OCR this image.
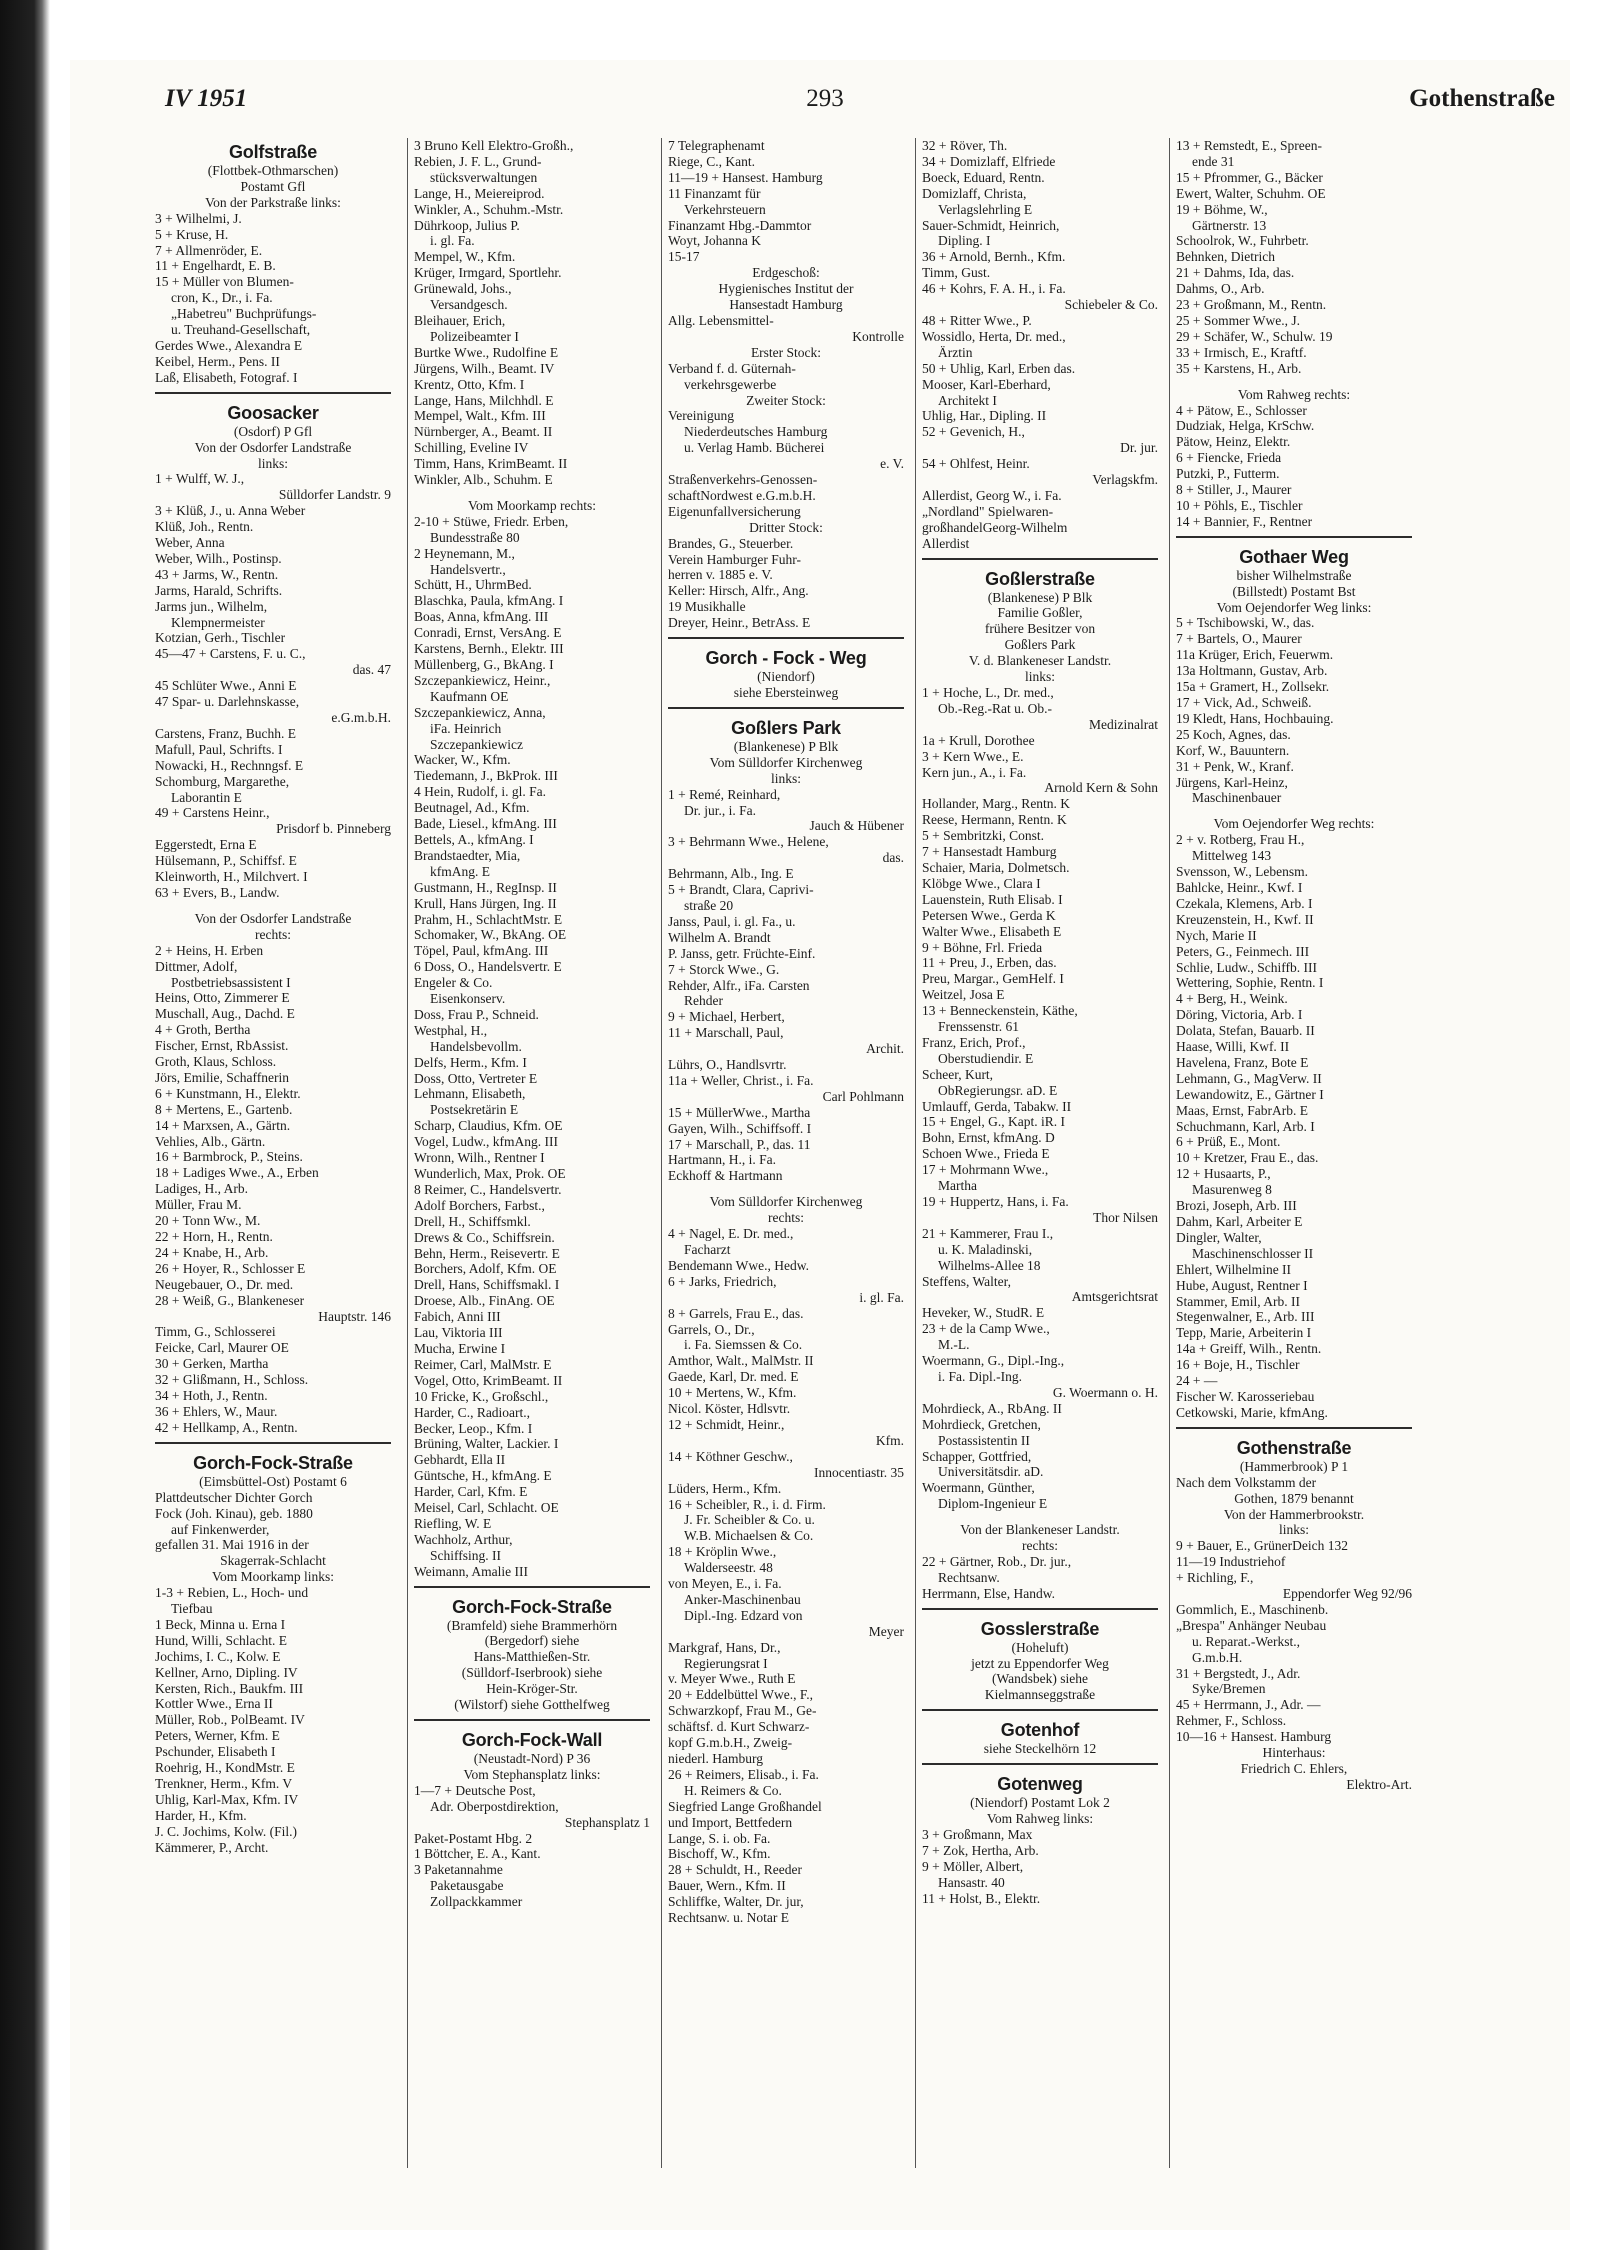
IV 1951	293	Gothenstraße
Golfstraße
(Flottbek-Othmarschen)
Postamt Gfl
Von der Parkstraße links:
3 + Wilhelmi, J.
5 + Kruse, H.
7 + Allmenröder, E.
11 + Engelhardt, E. B.
15 + Müller von Blumen-
cron, K., Dr., i. Fa.
„Habetreu" Buchprüfungs-
u. Treuhand-Gesellschaft,
Gerdes Wwe., Alexandra E
Keibel, Herm., Pens. II
Laß, Elisabeth, Fotograf. I
Goosacker
(Osdorf) P Gfl
Von der Osdorfer Landstraße
links:
1 + Wulff, W. J.,
Sülldorfer Landstr. 9
3 + Klüß, J., u. Anna Weber
Klüß, Joh., Rentn.
Weber, Anna
Weber, Wilh., Postinsp.
43 + Jarms, W., Rentn.
Jarms, Harald, Schrifts.
Jarms jun., Wilhelm,
Klempnermeister
Kotzian, Gerh., Tischler
45—47 + Carstens, F. u. C.,
das. 47
45 Schlüter Wwe., Anni E
47 Spar- u. Darlehnskasse,
e.G.m.b.H.
Carstens, Franz, Buchh. E
Mafull, Paul, Schrifts. I
Nowacki, H., Rechnngsf. E
Schomburg, Margarethe,
Laborantin E
49 + Carstens Heinr.,
Prisdorf b. Pinneberg
Eggerstedt, Erna E
Hülsemann, P., Schiffsf. E
Kleinworth, H., Milchvert. I
63 + Evers, B., Landw.
Von der Osdorfer Landstraße
rechts:
2 + Heins, H. Erben
Dittmer, Adolf,
Postbetriebsassistent I
Heins, Otto, Zimmerer E
Muschall, Aug., Dachd. E
4 + Groth, Bertha
Fischer, Ernst, RbAssist.
Groth, Klaus, Schloss.
Jörs, Emilie, Schaffnerin
6 + Kunstmann, H., Elektr.
8 + Mertens, E., Gartenb.
14 + Marxsen, A., Gärtn.
Vehlies, Alb., Gärtn.
16 + Barmbrock, P., Steins.
18 + Ladiges Wwe., A., Erben
Ladiges, H., Arb.
Müller, Frau M.
20 + Tonn Ww., M.
22 + Horn, H., Rentn.
24 + Knabe, H., Arb.
26 + Hoyer, R., Schlosser E
Neugebauer, O., Dr. med.
28 + Weiß, G., Blankeneser
Hauptstr. 146
Timm, G., Schlosserei
Feicke, Carl, Maurer OE
30 + Gerken, Martha
32 + Glißmann, H., Schloss.
34 + Hoth, J., Rentn.
36 + Ehlers, W., Maur.
42 + Hellkamp, A., Rentn.
Gorch-Fock-Straße
(Eimsbüttel-Ost) Postamt 6
Plattdeutscher Dichter Gorch
Fock (Joh. Kinau), geb. 1880
auf Finkenwerder,
gefallen 31. Mai 1916 in der
Skagerrak-Schlacht
Vom Moorkamp links:
1-3 + Rebien, L., Hoch- und
Tiefbau
1 Beck, Minna u. Erna I
Hund, Willi, Schlacht. E
Jochims, I. C., Kolw. E
Kellner, Arno, Dipling. IV
Kersten, Rich., Baukfm. III
Kottler Wwe., Erna II
Müller, Rob., PolBeamt. IV
Peters, Werner, Kfm. E
Pschunder, Elisabeth I
Roehrig, H., KondMstr. E
Trenkner, Herm., Kfm. V
Uhlig, Karl-Max, Kfm. IV
Harder, H., Kfm.
J. C. Jochims, Kolw. (Fil.)
Kämmerer, P., Archt.
3 Bruno Kell Elektro-Großh.,
Rebien, J. F. L., Grund-
stücksverwaltungen
Lange, H., Meiereiprod.
Winkler, A., Schuhm.-Mstr.
Dührkoop, Julius P.
i. gl. Fa.
Mempel, W., Kfm.
Krüger, Irmgard, Sportlehr.
Grünewald, Johs.,
Versandgesch.
Bleihauer, Erich,
Polizeibeamter I
Burtke Wwe., Rudolfine E
Jürgens, Wilh., Beamt. IV
Krentz, Otto, Kfm. I
Lange, Hans, Milchhdl. E
Mempel, Walt., Kfm. III
Nürnberger, A., Beamt. II
Schilling, Eveline IV
Timm, Hans, KrimBeamt. II
Winkler, Alb., Schuhm. E
Vom Moorkamp rechts:
2-10 + Stüwe, Friedr. Erben,
Bundesstraße 80
2 Heynemann, M.,
Handelsvertr.,
Schütt, H., UhrmBed.
Blaschka, Paula, kfmAng. I
Boas, Anna, kfmAng. III
Conradi, Ernst, VersAng. E
Karstens, Bernh., Elektr. III
Müllenberg, G., BkAng. I
Szczepankiewicz, Heinr.,
Kaufmann OE
Szczepankiewicz, Anna,
iFa. Heinrich
Szczepankiewicz
Wacker, W., Kfm.
Tiedemann, J., BkProk. III
4 Hein, Rudolf, i. gl. Fa.
Beutnagel, Ad., Kfm.
Bade, Liesel., kfmAng. III
Bettels, A., kfmAng. I
Brandstaedter, Mia,
kfmAng. E
Gustmann, H., RegInsp. II
Krull, Hans Jürgen, Ing. II
Prahm, H., SchlachtMstr. E
Schomaker, W., BkAng. OE
Töpel, Paul, kfmAng. III
6 Doss, O., Handelsvertr. E
Engeler & Co.
Eisenkonserv.
Doss, Frau P., Schneid.
Westphal, H.,
Handelsbevollm.
Delfs, Herm., Kfm. I
Doss, Otto, Vertreter E
Lehmann, Elisabeth,
Postsekretärin E
Scharp, Claudius, Kfm. OE
Vogel, Ludw., kfmAng. III
Wronn, Wilh., Rentner I
Wunderlich, Max, Prok. OE
8 Reimer, C., Handelsvertr.
Adolf Borchers, Farbst.,
Drell, H., Schiffsmkl.
Drews & Co., Schiffsrein.
Behn, Herm., Reisevertr. E
Borchers, Adolf, Kfm. OE
Drell, Hans, Schiffsmakl. I
Droese, Alb., FinAng. OE
Fabich, Anni III
Lau, Viktoria III
Mucha, Erwine I
Reimer, Carl, MalMstr. E
Vogel, Otto, KrimBeamt. II
10 Fricke, K., Großschl.,
Harder, C., Radioart.,
Becker, Leop., Kfm. I
Brüning, Walter, Lackier. I
Gebhardt, Ella II
Güntsche, H., kfmAng. E
Harder, Carl, Kfm. E
Meisel, Carl, Schlacht. OE
Riefling, W. E
Wachholz, Arthur,
Schiffsing. II
Weimann, Amalie III
Gorch-Fock-Straße
(Bramfeld) siehe Brammerhörn
(Bergedorf) siehe
Hans-Matthießen-Str.
(Sülldorf-Iserbrook) siehe
Hein-Kröger-Str.
(Wilstorf) siehe Gotthelfweg
Gorch-Fock-Wall
(Neustadt-Nord) P 36
Vom Stephansplatz links:
1—7 + Deutsche Post,
Adr. Oberpostdirektion,
Stephansplatz 1
Paket-Postamt Hbg. 2
1 Böttcher, E. A., Kant.
3 Paketannahme
Paketausgabe
Zollpackkammer
7 Telegraphenamt
Riege, C., Kant.
11—19 + Hansest. Hamburg
11 Finanzamt für
Verkehrsteuern
Finanzamt Hbg.-Dammtor
Woyt, Johanna K
15-17
Erdgeschoß:
Hygienisches Institut der
Hansestadt Hamburg
Allg. Lebensmittel-
Kontrolle
Erster Stock:
Verband f. d. Güternah-
verkehrsgewerbe
Zweiter Stock:
Vereinigung
Niederdeutsches Hamburg
u. Verlag Hamb. Bücherei
e. V.
Straßenverkehrs-Genossen-
schaftNordwest e.G.m.b.H.
Eigenunfallversicherung
Dritter Stock:
Brandes, G., Steuerber.
Verein Hamburger Fuhr-
herren v. 1885 e. V.
Keller: Hirsch, Alfr., Ang.
19 Musikhalle
Dreyer, Heinr., BetrAss. E
Gorch - Fock - Weg
(Niendorf)
siehe Ebersteinweg
Goßlers Park
(Blankenese) P Blk
Vom Sülldorfer Kirchenweg
links:
1 + Remé, Reinhard,
Dr. jur., i. Fa.
Jauch & Hübener
3 + Behrmann Wwe., Helene,
das.
Behrmann, Alb., Ing. E
5 + Brandt, Clara, Caprivi-
straße 20
Janss, Paul, i. gl. Fa., u.
Wilhelm A. Brandt
P. Janss, getr. Früchte-Einf.
7 + Storck Wwe., G.
Rehder, Alfr., iFa. Carsten
Rehder
9 + Michael, Herbert,
11 + Marschall, Paul,
Archit.
Lührs, O., Handlsvrtr.
11a + Weller, Christ., i. Fa.
Carl Pohlmann
15 + MüllerWwe., Martha
Gayen, Wilh., Schiffsoff. I
17 + Marschall, P., das. 11
Hartmann, H., i. Fa.
Eckhoff & Hartmann
Vom Sülldorfer Kirchenweg
rechts:
4 + Nagel, E. Dr. med.,
Facharzt
Bendemann Wwe., Hedw.
6 + Jarks, Friedrich,
i. gl. Fa.
8 + Garrels, Frau E., das.
Garrels, O., Dr.,
i. Fa. Siemssen & Co.
Amthor, Walt., MalMstr. II
Gaede, Karl, Dr. med. E
10 + Mertens, W., Kfm.
Nicol. Köster, Hdlsvtr.
12 + Schmidt, Heinr.,
Kfm.
14 + Köthner Geschw.,
Innocentiastr. 35
Lüders, Herm., Kfm.
16 + Scheibler, R., i. d. Firm.
J. Fr. Scheibler & Co. u.
W.B. Michaelsen & Co.
18 + Kröplin Wwe.,
Walderseestr. 48
von Meyen, E., i. Fa.
Anker-Maschinenbau
Dipl.-Ing. Edzard von
Meyer
Markgraf, Hans, Dr.,
Regierungsrat I
v. Meyer Wwe., Ruth E
20 + Eddelbüttel Wwe., F.,
Schwarzkopf, Frau M., Ge-
schäftsf. d. Kurt Schwarz-
kopf G.m.b.H., Zweig-
niederl. Hamburg
26 + Reimers, Elisab., i. Fa.
H. Reimers & Co.
Siegfried Lange Großhandel
und Import, Bettfedern
Lange, S. i. ob. Fa.
Bischoff, W., Kfm.
28 + Schuldt, H., Reeder
Bauer, Wern., Kfm. II
Schliffke, Walter, Dr. jur,
Rechtsanw. u. Notar E
32 + Röver, Th.
34 + Domizlaff, Elfriede
Boeck, Eduard, Rentn.
Domizlaff, Christa,
Verlagslehrling E
Sauer-Schmidt, Heinrich,
Dipling. I
36 + Arnold, Bernh., Kfm.
Timm, Gust.
46 + Kohrs, F. A. H., i. Fa.
Schiebeler & Co.
48 + Ritter Wwe., P.
Wossidlo, Herta, Dr. med.,
Ärztin
50 + Uhlig, Karl, Erben das.
Mooser, Karl-Eberhard,
Architekt I
Uhlig, Har., Dipling. II
52 + Gevenich, H.,
Dr. jur.
54 + Ohlfest, Heinr.
Verlagskfm.
Allerdist, Georg W., i. Fa.
„Nordland" Spielwaren-
großhandelGeorg-Wilhelm
Allerdist
Goßlerstraße
(Blankenese) P Blk
Familie Goßler,
frühere Besitzer von
Goßlers Park
V. d. Blankeneser Landstr.
links:
1 + Hoche, L., Dr. med.,
Ob.-Reg.-Rat u. Ob.-
Medizinalrat
1a + Krull, Dorothee
3 + Kern Wwe., E.
Kern jun., A., i. Fa.
Arnold Kern & Sohn
Hollander, Marg., Rentn. K
Reese, Hermann, Rentn. K
5 + Sembritzki, Const.
7 + Hansestadt Hamburg
Schaier, Maria, Dolmetsch.
Klöbge Wwe., Clara I
Lauenstein, Ruth Elisab. I
Petersen Wwe., Gerda K
Walter Wwe., Elisabeth E
9 + Böhne, Frl. Frieda
11 + Preu, J., Erben, das.
Preu, Margar., GemHelf. I
Weitzel, Josa E
13 + Benneckenstein, Käthe,
Frenssenstr. 61
Franz, Erich, Prof.,
Oberstudiendir. E
Scheer, Kurt,
ObRegierungsr. aD. E
Umlauff, Gerda, Tabakw. II
15 + Engel, G., Kapt. iR. I
Bohn, Ernst, kfmAng. D
Schoen Wwe., Frieda E
17 + Mohrmann Wwe.,
Martha
19 + Huppertz, Hans, i. Fa.
Thor Nilsen
21 + Kammerer, Frau I.,
u. K. Maladinski,
Wilhelms-Allee 18
Steffens, Walter,
Amtsgerichtsrat
Heveker, W., StudR. E
23 + de la Camp Wwe.,
M.-L.
Woermann, G., Dipl.-Ing.,
i. Fa. Dipl.-Ing.
G. Woermann o. H.
Mohrdieck, A., RbAng. II
Mohrdieck, Gretchen,
Postassistentin II
Schapper, Gottfried,
Universitätsdir. aD.
Woermann, Günther,
Diplom-Ingenieur E
Von der Blankeneser Landstr.
rechts:
22 + Gärtner, Rob., Dr. jur.,
Rechtsanw.
Herrmann, Else, Handw.
Gosslerstraße
(Hoheluft)
jetzt zu Eppendorfer Weg
(Wandsbek) siehe
Kielmannseggstraße
Gotenhof
siehe Steckelhörn 12
Gotenweg
(Niendorf) Postamt Lok 2
Vom Rahweg links:
3 + Großmann, Max
7 + Zok, Hertha, Arb.
9 + Möller, Albert,
Hansastr. 40
11 + Holst, B., Elektr.
13 + Remstedt, E., Spreen-
ende 31
15 + Pfrommer, G., Bäcker
Ewert, Walter, Schuhm. OE
19 + Böhme, W.,
Gärtnerstr. 13
Schoolrok, W., Fuhrbetr.
Behnken, Dietrich
21 + Dahms, Ida, das.
Dahms, O., Arb.
23 + Großmann, M., Rentn.
25 + Sommer Wwe., J.
29 + Schäfer, W., Schulw. 19
33 + Irmisch, E., Kraftf.
35 + Karstens, H., Arb.
Vom Rahweg rechts:
4 + Pätow, E., Schlosser
Dudziak, Helga, KrSchw.
Pätow, Heinz, Elektr.
6 + Fiencke, Frieda
Putzki, P., Futterm.
8 + Stiller, J., Maurer
10 + Pöhls, E., Tischler
14 + Bannier, F., Rentner
Gothaer Weg
bisher Wilhelmstraße
(Billstedt) Postamt Bst
Vom Oejendorfer Weg links:
5 + Tschibowski, W., das.
7 + Bartels, O., Maurer
11a Krüger, Erich, Feuerwm.
13a Holtmann, Gustav, Arb.
15a + Gramert, H., Zollsekr.
17 + Vick, Ad., Schweiß.
19 Kledt, Hans, Hochbauing.
25 Koch, Agnes, das.
Korf, W., Bauuntern.
31 + Penk, W., Kranf.
Jürgens, Karl-Heinz,
Maschinenbauer
Vom Oejendorfer Weg rechts:
2 + v. Rotberg, Frau H.,
Mittelweg 143
Svensson, W., Lebensm.
Bahlcke, Heinr., Kwf. I
Czekala, Klemens, Arb. I
Kreuzenstein, H., Kwf. II
Nych, Marie II
Peters, G., Feinmech. III
Schlie, Ludw., Schiffb. III
Wettering, Sophie, Rentn. I
4 + Berg, H., Weink.
Döring, Victoria, Arb. I
Dolata, Stefan, Bauarb. II
Haase, Willi, Kwf. II
Havelena, Franz, Bote E
Lehmann, G., MagVerw. II
Lewandowitz, E., Gärtner I
Maas, Ernst, FabrArb. E
Schuchmann, Karl, Arb. I
6 + Prüß, E., Mont.
10 + Kretzer, Frau E., das.
12 + Husaarts, P.,
Masurenweg 8
Brozi, Joseph, Arb. III
Dahm, Karl, Arbeiter E
Dingler, Walter,
Maschinenschlosser II
Ehlert, Wilhelmine II
Hube, August, Rentner I
Stammer, Emil, Arb. II
Stegenwalner, E., Arb. III
Tepp, Marie, Arbeiterin I
14a + Greiff, Wilh., Rentn.
16 + Boje, H., Tischler
24 + —
Fischer W. Karosseriebau
Cetkowski, Marie, kfmAng.
Gothenstraße
(Hammerbrook) P 1
Nach dem Volkstamm der
Gothen, 1879 benannt
Von der Hammerbrookstr.
links:
9 + Bauer, E., GrünerDeich 132
11—19 Industriehof
+ Richling, F.,
Eppendorfer Weg 92/96
Gommlich, E., Maschinenb.
„Brespa" Anhänger Neubau
u. Reparat.-Werkst.,
G.m.b.H.
31 + Bergstedt, J., Adr.
Syke/Bremen
45 + Herrmann, J., Adr. —
Rehmer, F., Schloss.
10—16 + Hansest. Hamburg
Hinterhaus:
Friedrich C. Ehlers,
Elektro-Art.
